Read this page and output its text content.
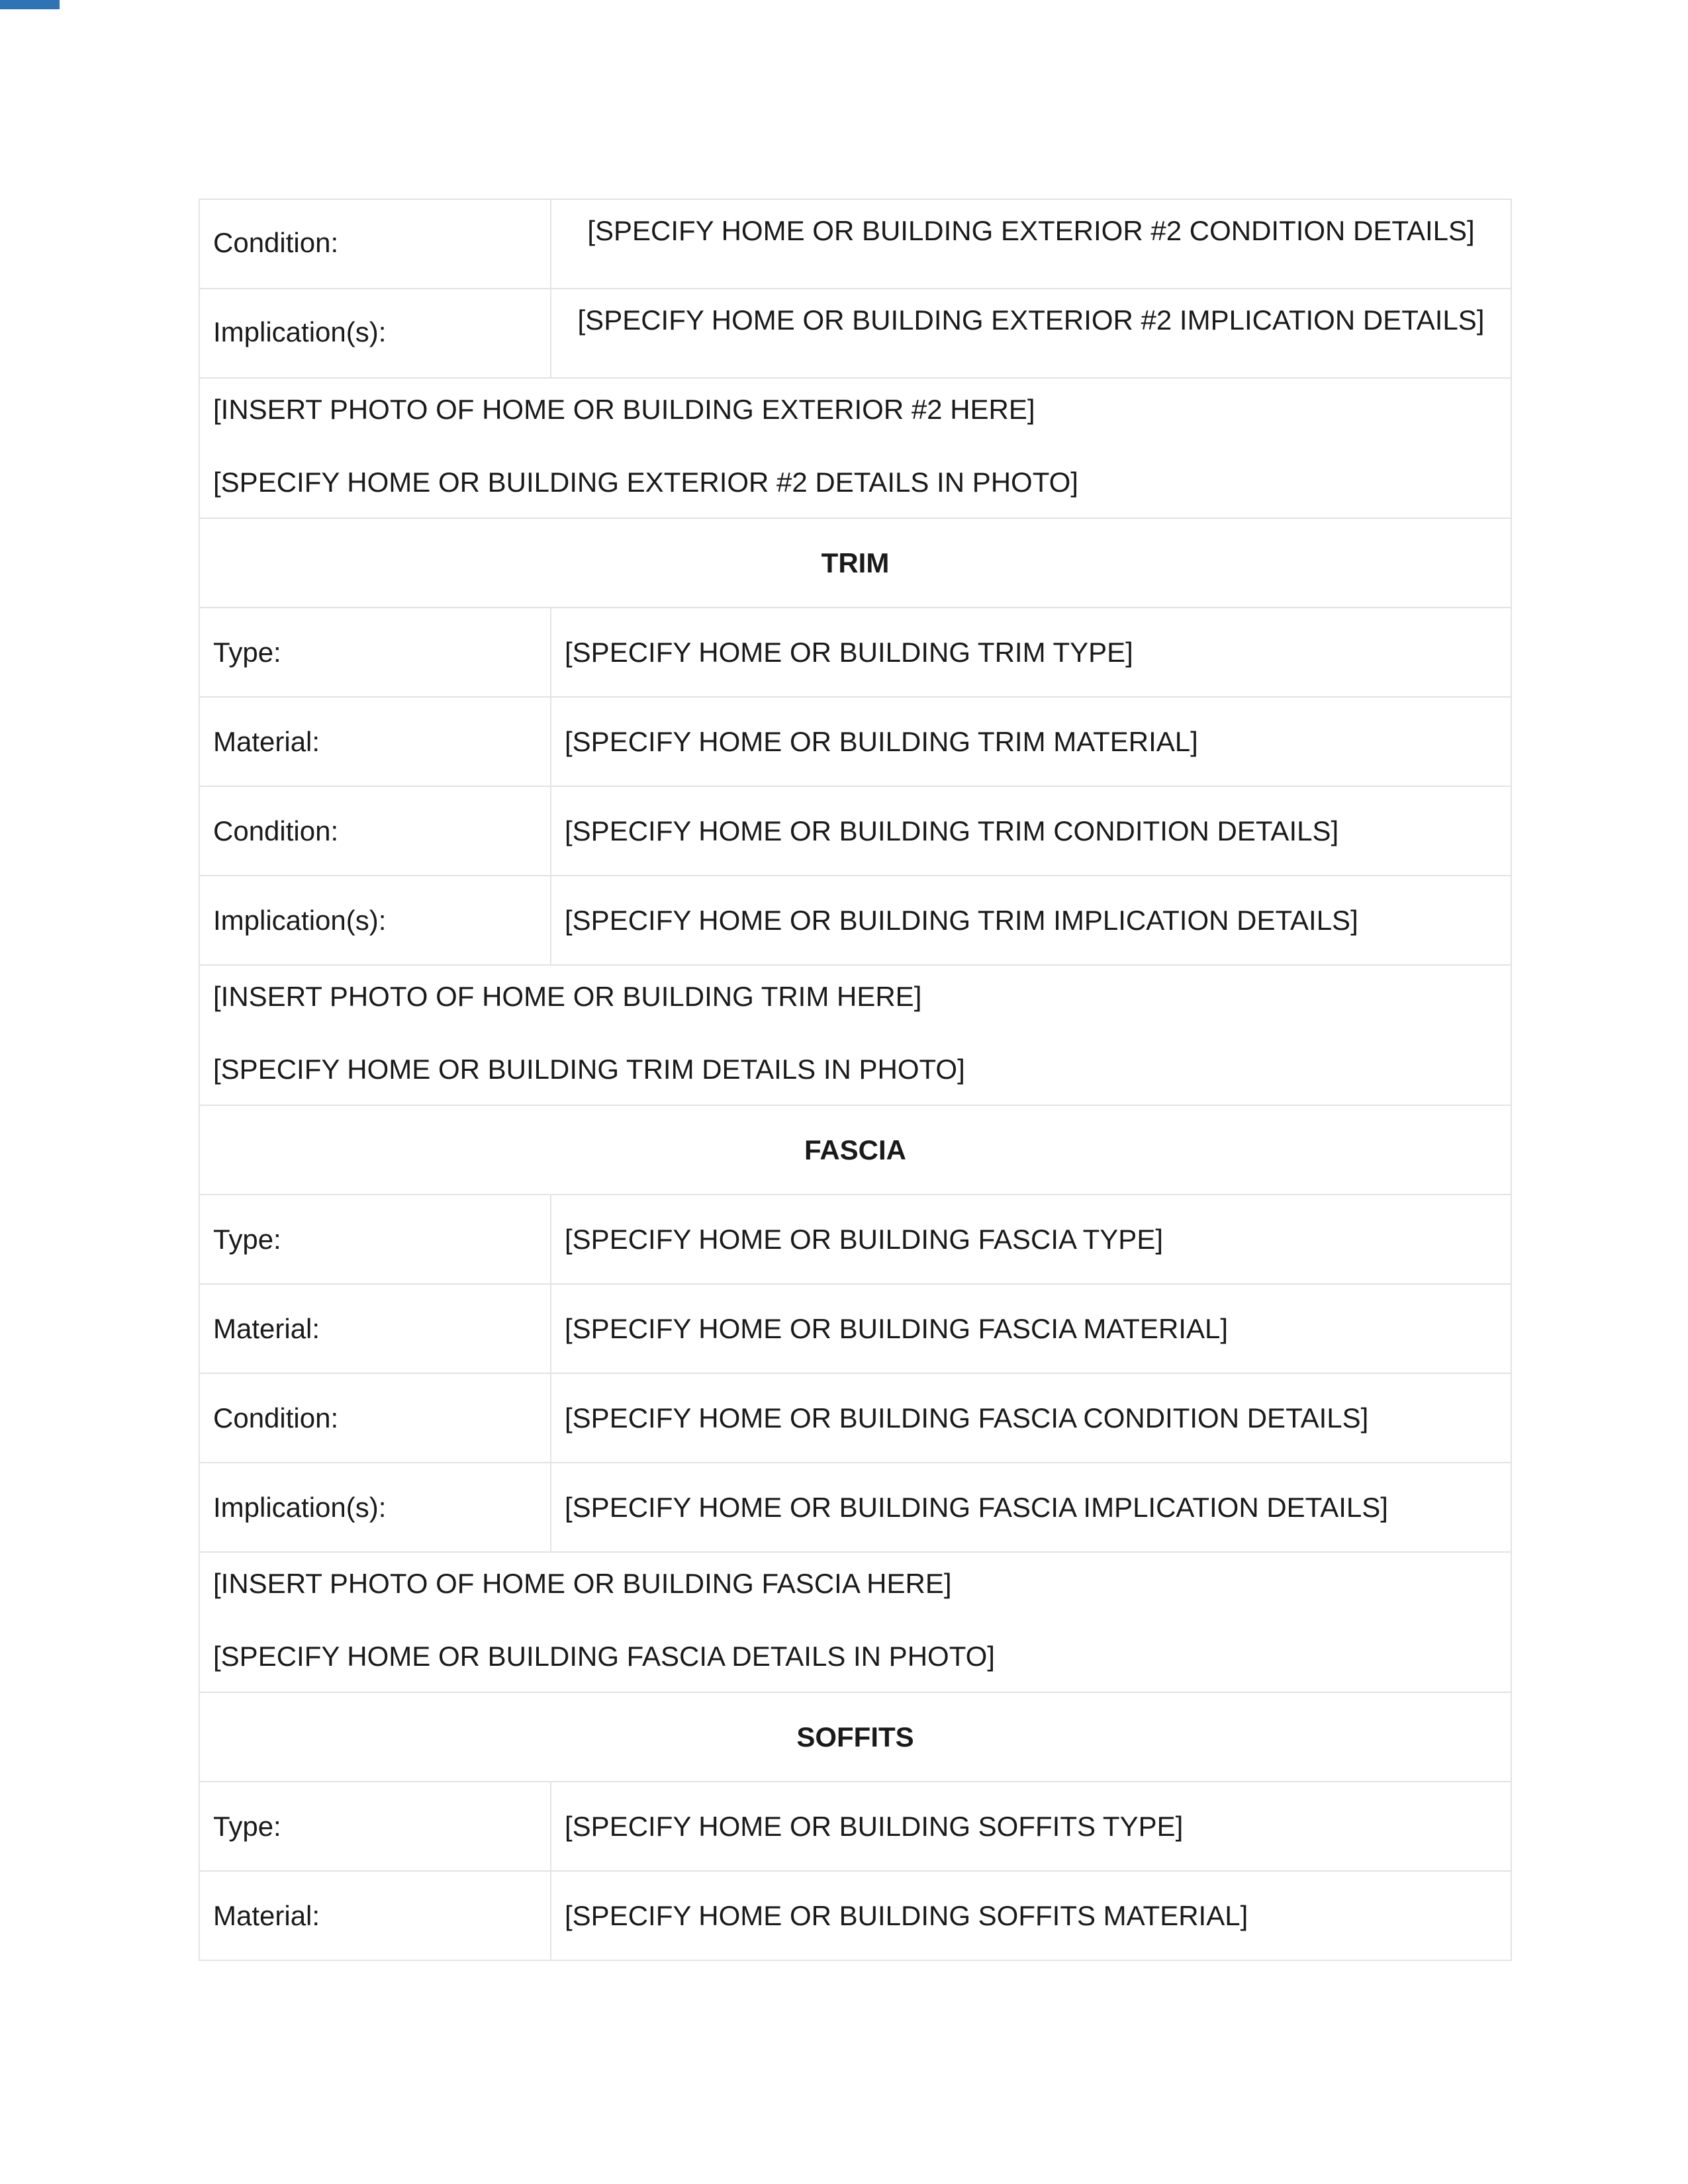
Condition:	[SPECIFY HOME OR BUILDING EXTERIOR #2 CONDITION DETAILS]
Implication(s):	[SPECIFY HOME OR BUILDING EXTERIOR #2 IMPLICATION DETAILS]

[INSERT PHOTO OF HOME OR BUILDING EXTERIOR #2 HERE]
[SPECIFY HOME OR BUILDING EXTERIOR #2 DETAILS IN PHOTO]	

TRIM	
Type:	[SPECIFY HOME OR BUILDING TRIM TYPE]
Material:	[SPECIFY HOME OR BUILDING TRIM MATERIAL]
Condition:	[SPECIFY HOME OR BUILDING TRIM CONDITION DETAILS]
Implication(s):	[SPECIFY HOME OR BUILDING TRIM IMPLICATION DETAILS]

[INSERT PHOTO OF HOME OR BUILDING TRIM HERE]
[SPECIFY HOME OR BUILDING TRIM DETAILS IN PHOTO]	

FASCIA	
Type:	[SPECIFY HOME OR BUILDING FASCIA TYPE]
Material:	[SPECIFY HOME OR BUILDING FASCIA MATERIAL]
Condition:	[SPECIFY HOME OR BUILDING FASCIA CONDITION DETAILS]
Implication(s):	[SPECIFY HOME OR BUILDING FASCIA IMPLICATION DETAILS]

[INSERT PHOTO OF HOME OR BUILDING FASCIA HERE]
[SPECIFY HOME OR BUILDING FASCIA DETAILS IN PHOTO]	

SOFFITS	
Type:	[SPECIFY HOME OR BUILDING SOFFITS TYPE]
Material:	[SPECIFY HOME OR BUILDING SOFFITS MATERIAL]
